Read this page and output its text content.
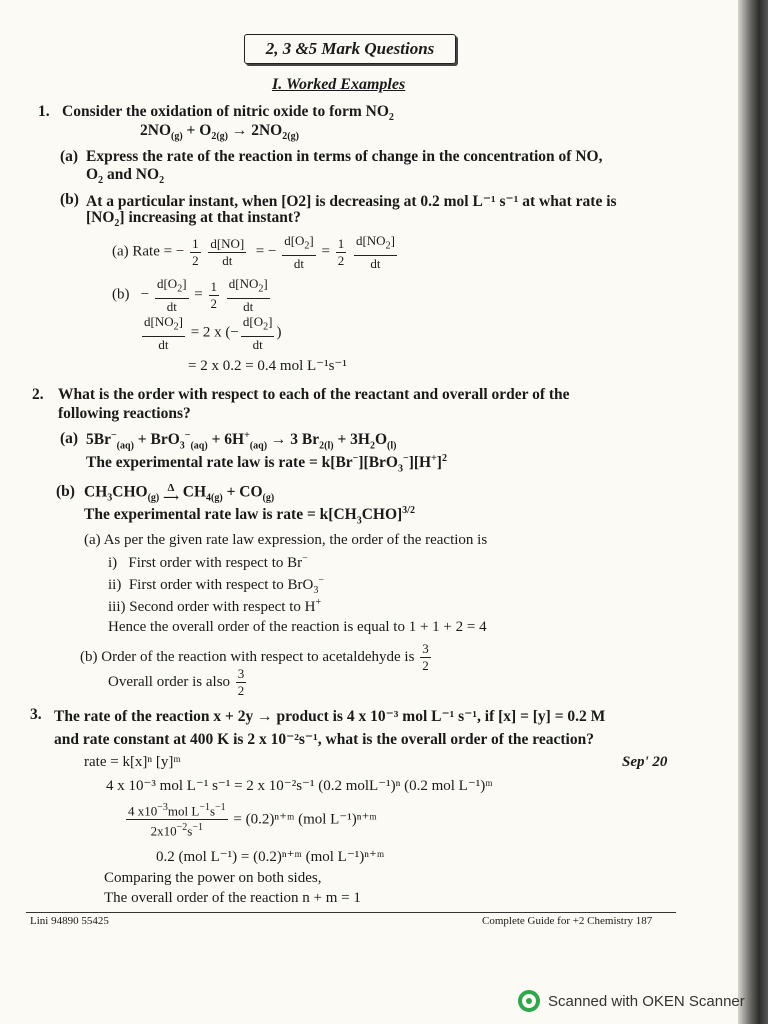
2, 3 &5 Mark Questions
I. Worked Examples
1. Consider the oxidation of nitric oxide to form $NO_2$
$2NO_{(g)} + O_{2(g)} \to 2NO_{2(g)}$
(a) Express the rate of the reaction in terms of change in the concentration of NO,
$O_2$ and $NO_2$
(b) At a particular instant, when [O2] is decreasing at 0.2 mol L⁻¹ s⁻¹ at what rate is
$[NO_2]$ increasing at that instant?
(a) Rate = − $\frac{1}{2}$
$\frac{d[NO]}{dt}$ = − $\frac{d[O_2]}{dt} = \frac{1}{2}$
$\frac{d[NO_2]}{dt}$
$(b) - \frac{d[O_2]}{dt} = \frac{1}{2}$
$\frac{d[NO_2]}{dt}$
$\frac{d[NO_2]}{dt} = 2$ x (− $\frac{d[O_2]}{dt}$ )
= 2 x 0.2 = 0.4 mol L⁻¹s⁻¹
2. What is the order with respect to each of the reactant and overall order of the
following reactions?
(a) $5Br^-_{(aq)} + BrO_3^-_{(aq)} + 6H^+_{(aq)} \to 3$ $Br_{2(l)} + 3H_2O_{(l)}$
The experimental rate law is rate = $k[Br^-][BrO_3^-][H^+]^2$
(b) $CH_3CHO_{(g)}$ Δ
⟶ $CH_{4(g)} + CO_{(g)}$
The experimental rate law is rate = $k[CH_3CHO]^{3/2}$
(a) As per the given rate law expression, the order of the reaction is
i)   First order with respect to Br−
ii)  First order with respect to BrO$_3$−
iii) Second order with respect to H+
Hence the overall order of the reaction is equal to 1 + 1 + 2 = 4
(b) Order of the reaction with respect to acetaldehyde is $\frac{3}{2}$
Overall order is also $\frac{3}{2}$
3. The rate of the reaction x + 2y → product is 4 x 10⁻³ mol L⁻¹ s⁻¹, if [x] = [y] = 0.2 M
and rate constant at 400 K is 2 x 10⁻²s⁻¹, what is the overall order of the reaction?
rate = k[x]ⁿ [y]ᵐ	Sep' 20
4 x 10⁻³ mol L⁻¹ s⁻¹ = 2 x 10⁻²s⁻¹ (0.2 molL⁻¹)ⁿ (0.2 mol L⁻¹)ᵐ
$\frac{4 x10^{-3}mol L^{-1}s^{-1}}{2x10^{-2}s^{-1}}$ = (0.2)ⁿ⁺ᵐ (mol L⁻¹)ⁿ⁺ᵐ
0.2 (mol L⁻¹) = (0.2)ⁿ⁺ᵐ (mol L⁻¹)ⁿ⁺ᵐ
Comparing the power on both sides,
The overall order of the reaction n + m = 1
Lini 94890 55425	Complete Guide for +2 Chemistry 187
Scanned with OKEN Scanner
